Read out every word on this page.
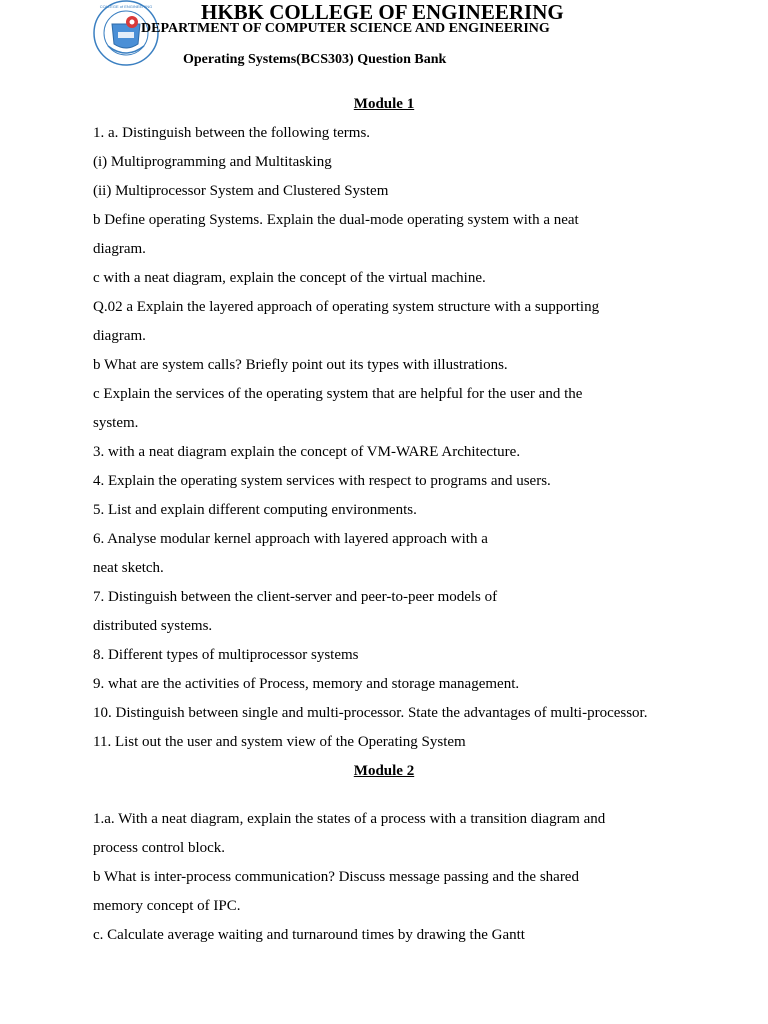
COLLEGE of ENGINEERING HKBK COLLEGE OF ENGINEERING
DEPARTMENT OF COMPUTER SCIENCE AND ENGINEERING
Operating Systems(BCS303) Question Bank
Module 1
1. a. Distinguish between the following terms.
(i) Multiprogramming and Multitasking
(ii) Multiprocessor System and Clustered System
b Define operating Systems. Explain the dual-mode operating system with a neat
diagram.
c with a neat diagram, explain the concept of the virtual machine.
Q.02 a Explain the layered approach of operating system structure with a supporting
diagram.
b What are system calls? Briefly point out its types with illustrations.
c Explain the services of the operating system that are helpful for the user and the
system.
3. with a neat diagram explain the concept of VM-WARE Architecture.
4. Explain the operating system services with respect to programs and users.
5. List and explain different computing environments.
6. Analyse modular kernel approach with layered approach with a
neat sketch.
7. Distinguish between the client-server and peer-to-peer models of
distributed systems.
8. Different types of multiprocessor systems
9. what are the activities of Process, memory and storage management.
10. Distinguish between single and multi-processor. State the advantages of multi-processor.
11. List out the user and system view of the Operating System
Module 2
1.a. With a neat diagram, explain the states of a process with a transition diagram and
process control block.
b What is inter-process communication? Discuss message passing and the shared
memory concept of IPC.
c. Calculate average waiting and turnaround times by drawing the Gantt
